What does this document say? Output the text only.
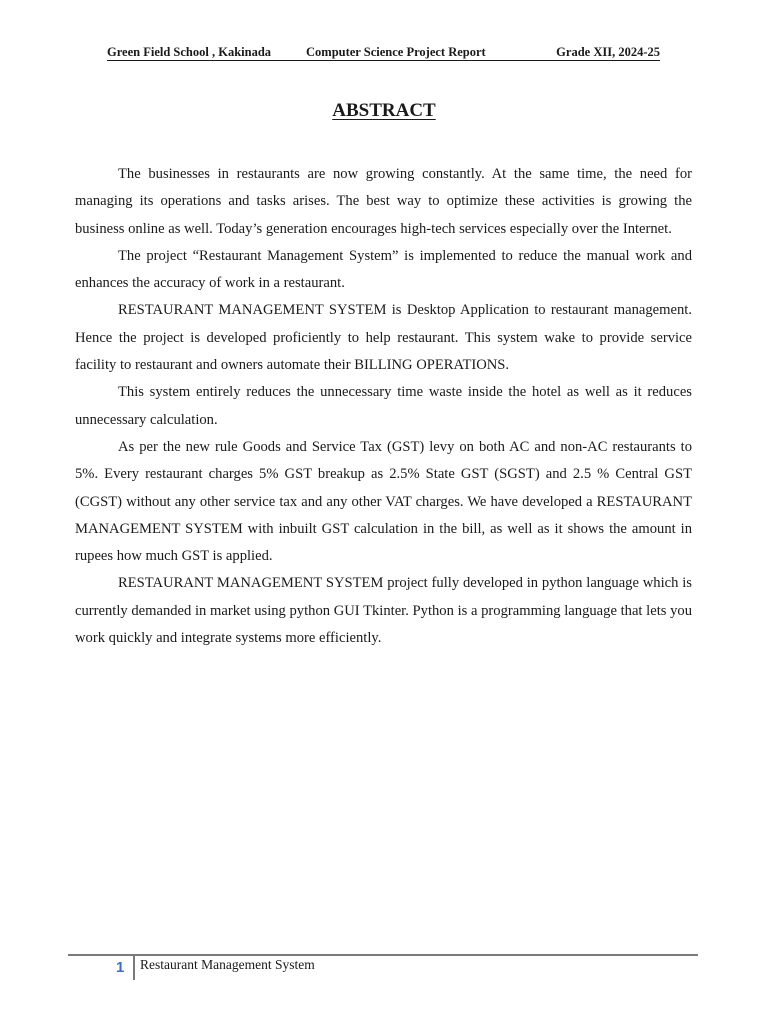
Green Field School , Kakinada	Computer Science Project Report	Grade XII, 2024-25
ABSTRACT

The businesses in restaurants are now growing constantly. At the same time, the need for managing its operations and tasks arises. The best way to optimize these activities is growing the business online as well. Today’s generation encourages high-tech services especially over the Internet.

The project “Restaurant Management System” is implemented to reduce the manual work and enhances the accuracy of work in a restaurant.

RESTAURANT MANAGEMENT SYSTEM is Desktop Application to restaurant management. Hence the project is developed proficiently to help restaurant. This system wake to provide service facility to restaurant and owners automate their BILLING OPERATIONS.

This system entirely reduces the unnecessary time waste inside the hotel as well as it reduces unnecessary calculation.

As per the new rule Goods and Service Tax (GST) levy on both AC and non-AC restaurants to 5%. Every restaurant charges 5% GST breakup as 2.5% State GST (SGST) and 2.5 % Central GST (CGST) without any other service tax and any other VAT charges. We have developed a RESTAURANT MANAGEMENT SYSTEM with inbuilt GST calculation in the bill, as well as it shows the amount in rupees how much GST is applied.

RESTAURANT MANAGEMENT SYSTEM project fully developed in python language which is currently demanded in market using python GUI Tkinter. Python is a programming language that lets you work quickly and integrate systems more efficiently.

1 Restaurant Management System
